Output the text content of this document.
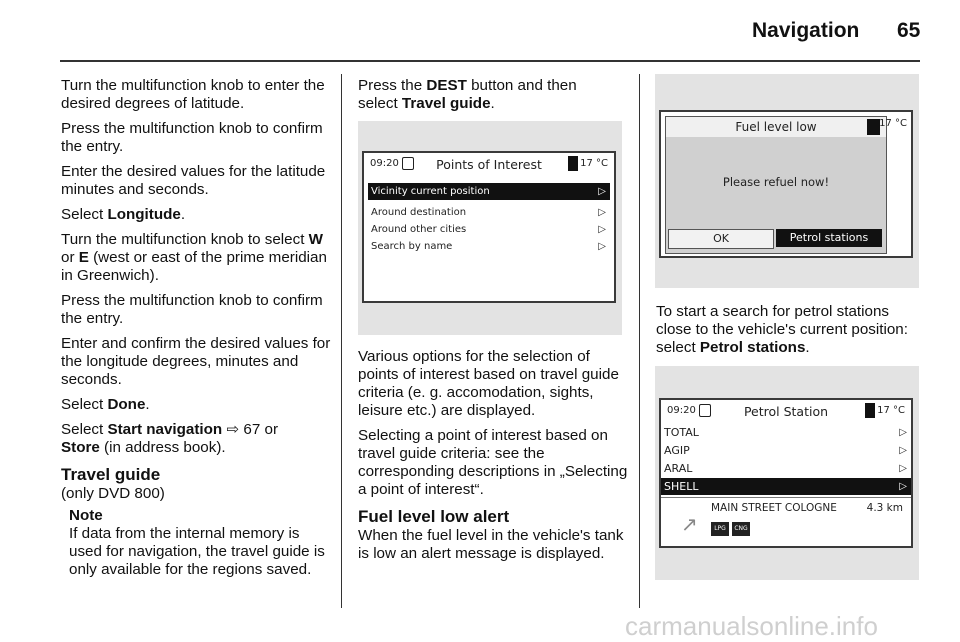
Navigation 65

Turn the multifunction knob to enter the desired degrees of latitude.

Press the multifunction knob to confirm the entry.

Enter the desired values for the latitude minutes and seconds.

Select Longitude.

Turn the multifunction knob to select W or E (west or east of the prime meridian in Greenwich).

Press the multifunction knob to confirm the entry.

Enter and confirm the desired values for the longitude degrees, minutes and seconds.

Select Done.

Select Start navigation ⇨ 67 or
Store (in address book).

Travel guide

(only DVD 800)

Note
If data from the internal memory is used for navigation, the travel guide is only available for the regions saved.

Press the DEST button and then
select Travel guide.

09:20	Points of Interest	17 °C
Vicinity current position	▷
Around destination	▷
Around other cities	▷
Search by name	▷

Various options for the selection of points of interest based on travel guide criteria (e. g. accomodation, sights, leisure etc.) are displayed.

Selecting a point of interest based on travel guide criteria: see the corresponding descriptions in „Selecting a point of interest“.

Fuel level low alert

When the fuel level in the vehicle's tank is low an alert message is displayed.

Fuel level low
Please refuel now!
OK	Petrol stations
17 °C

To start a search for petrol stations close to the vehicle's current position:
select Petrol stations.

09:20	Petrol Station	17 °C
TOTAL	▷
AGIP	▷
ARAL	▷
SHELL	▷
↗
MAIN STREET COLOGNE	4.3 km
LPG	CNG
carmanualsonline.info
